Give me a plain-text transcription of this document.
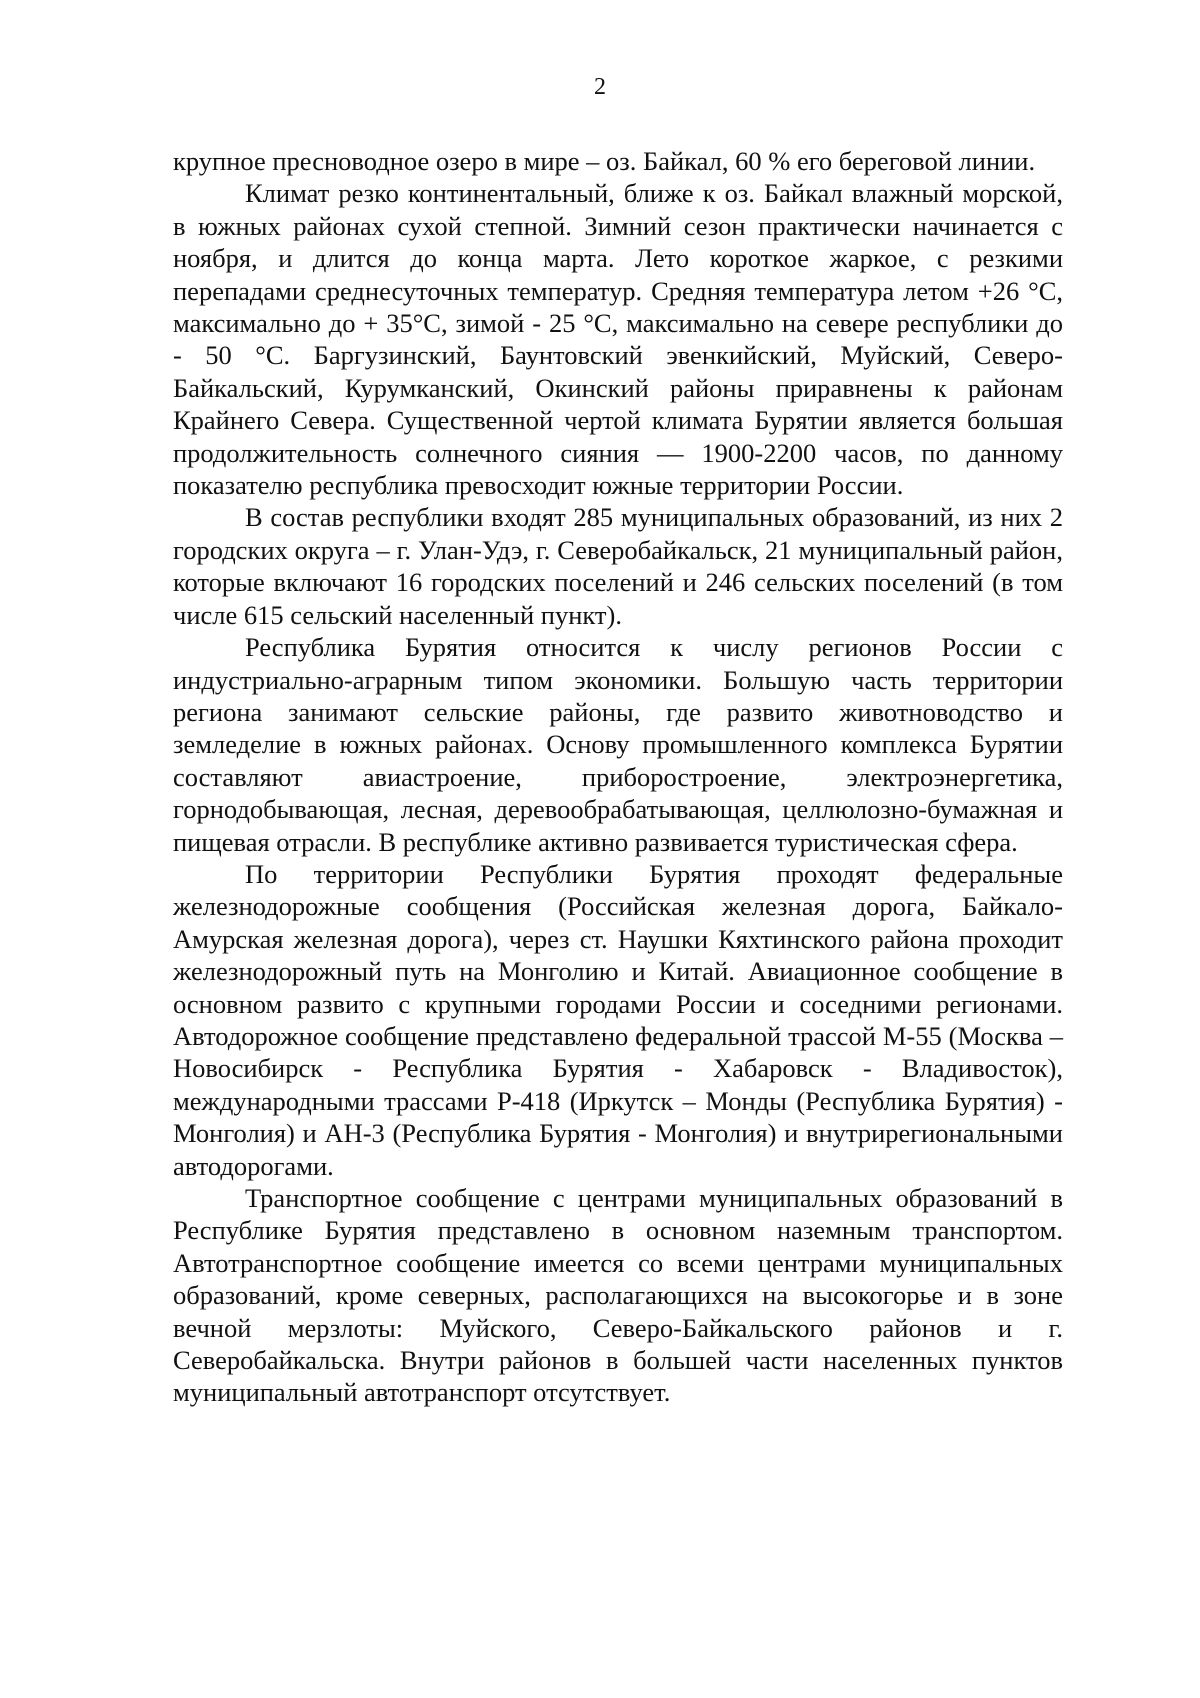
2

крупное пресноводное озеро в мире – оз. Байкал, 60 % его береговой линии.

Климат резко континентальный, ближе к оз. Байкал влажный морской, в южных районах сухой степной. Зимний сезон практически начинается с ноября, и длится до конца марта. Лето короткое жаркое, с резкими перепадами среднесуточных температур. Средняя температура летом +26 °С, максимально до + 35°С, зимой - 25 °С, максимально на севере республики до - 50 °С. Баргузинский, Баунтовский эвенкийский, Муйский, Северо-Байкальский, Курумканский, Окинский районы приравнены к районам Крайнего Севера. Существенной чертой климата Бурятии является большая продолжительность солнечного сияния — 1900-2200 часов, по данному показателю республика превосходит южные территории России.

В состав республики входят 285 муниципальных образований, из них 2 городских округа – г. Улан-Удэ, г. Северобайкальск, 21 муниципальный район, которые включают 16 городских поселений и 246 сельских поселений (в том числе 615 сельский населенный пункт).

Республика Бурятия относится к числу регионов России с индустриально-аграрным типом экономики. Большую часть территории региона занимают сельские районы, где развито животноводство и земледелие в южных районах. Основу промышленного комплекса Бурятии составляют авиастроение, приборостроение, электроэнергетика, горнодобывающая, лесная, деревообрабатывающая, целлюлозно-бумажная и пищевая отрасли. В республике активно развивается туристическая сфера.

По территории Республики Бурятия проходят федеральные железнодорожные сообщения (Российская железная дорога, Байкало-Амурская железная дорога), через ст. Наушки Кяхтинского района проходит железнодорожный путь на Монголию и Китай. Авиационное сообщение в основном развито с крупными городами России и соседними регионами. Автодорожное сообщение представлено федеральной трассой М-55 (Москва – Новосибирск - Республика Бурятия - Хабаровск - Владивосток), международными трассами Р-418 (Иркутск – Монды (Республика Бурятия) - Монголия) и АН-3 (Республика Бурятия - Монголия) и внутрирегиональными автодорогами.

Транспортное сообщение с центрами муниципальных образований в Республике Бурятия представлено в основном наземным транспортом. Автотранспортное сообщение имеется со всеми центрами муниципальных образований, кроме северных, располагающихся на высокогорье и в зоне вечной мерзлоты: Муйского, Северо-Байкальского районов и г. Северобайкальска. Внутри районов в большей части населенных пунктов муниципальный автотранспорт отсутствует.
